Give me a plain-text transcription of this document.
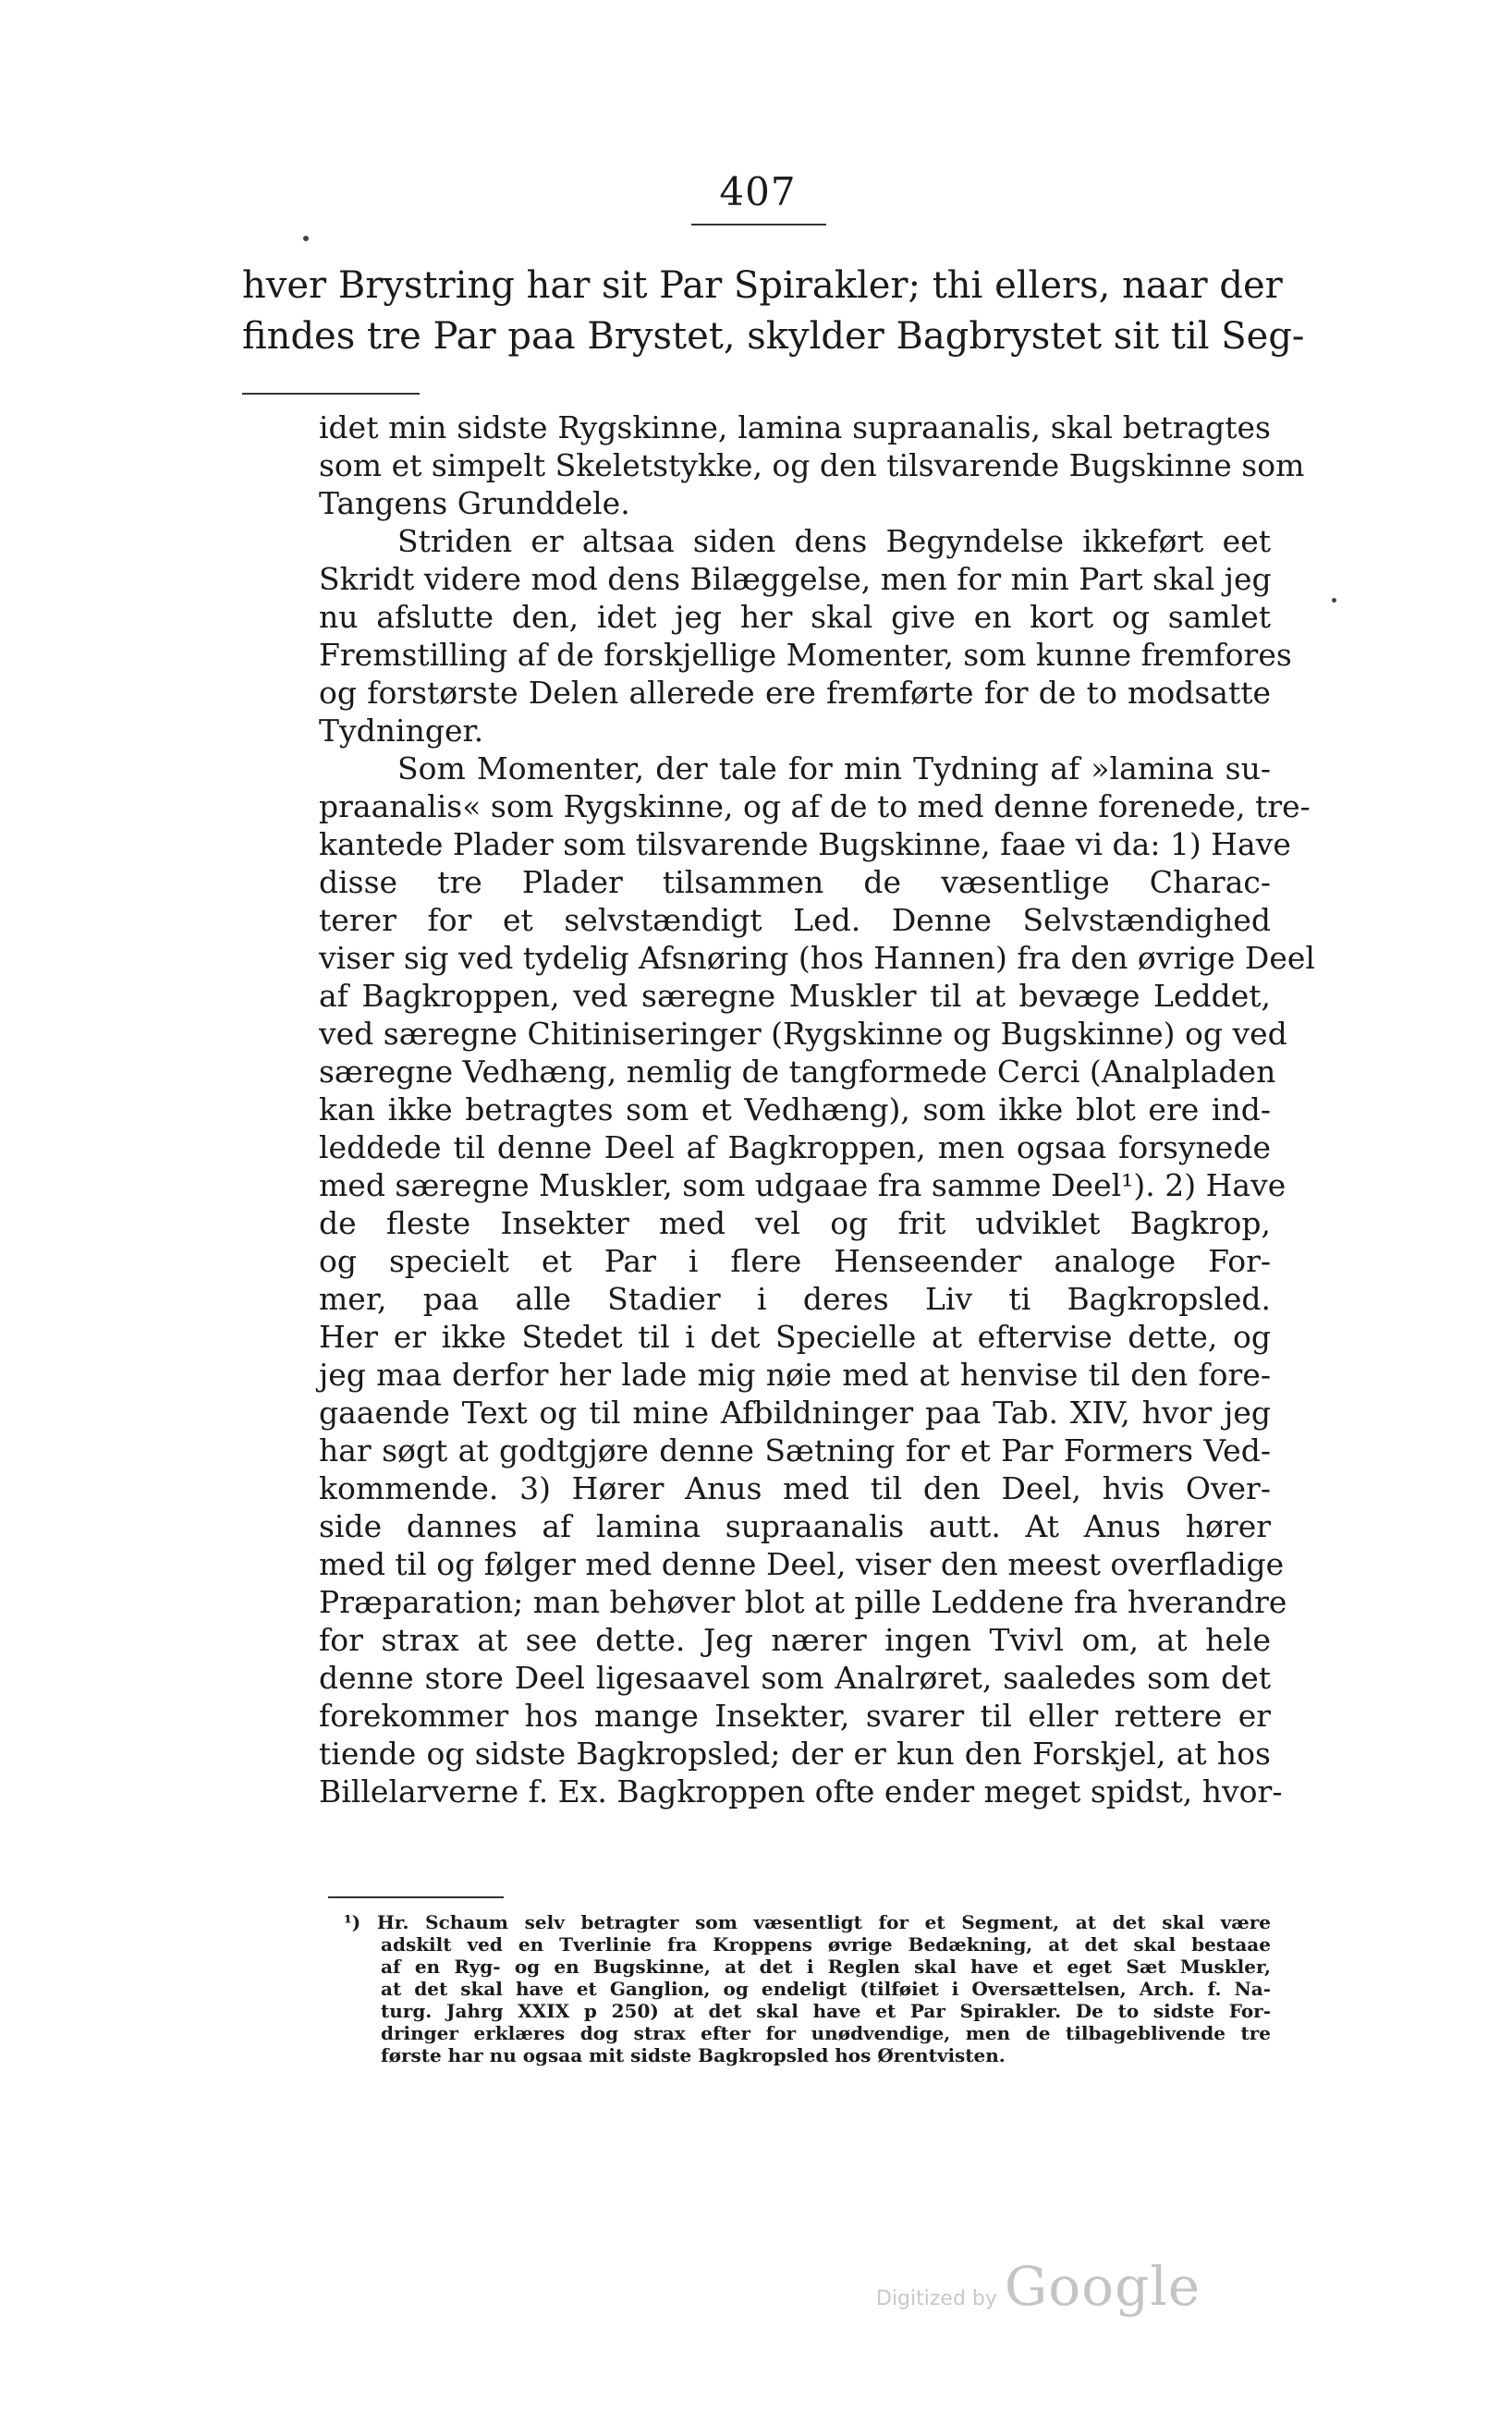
407
hver Brystring har sit Par Spirakler; thi ellers, naar der
findes tre Par paa Brystet, skylder Bagbrystet sit til Seg-
idet min sidste Rygskinne, lamina supraanalis, skal betragtes
som et simpelt Skeletstykke, og den tilsvarende Bugskinne som
Tangens Grunddele.
Striden er altsaa siden dens Begyndelse ikkeført eet
Skridt videre mod dens Bilæggelse, men for min Part skal jeg
nu afslutte den, idet jeg her skal give en kort og samlet
Fremstilling af de forskjellige Momenter, som kunne fremfores
og forstørste Delen allerede ere fremførte for de to modsatte
Tydninger.
Som Momenter, der tale for min Tydning af »lamina su-
praanalis« som Rygskinne, og af de to med denne forenede, tre-
kantede Plader som tilsvarende Bugskinne, faae vi da: 1) Have
disse tre Plader tilsammen de væsentlige Charac-
terer for et selvstændigt Led. Denne Selvstændighed
viser sig ved tydelig Afsnøring (hos Hannen) fra den øvrige Deel
af Bagkroppen, ved særegne Muskler til at bevæge Leddet,
ved særegne Chitiniseringer (Rygskinne og Bugskinne) og ved
særegne Vedhæng, nemlig de tangformede Cerci (Analpladen
kan ikke betragtes som et Vedhæng), som ikke blot ere ind-
leddede til denne Deel af Bagkroppen, men ogsaa forsynede
med særegne Muskler, som udgaae fra samme Deel¹). 2) Have
de fleste Insekter med vel og frit udviklet Bagkrop,
og specielt et Par i flere Henseender analoge For-
mer, paa alle Stadier i deres Liv ti Bagkropsled.
Her er ikke Stedet til i det Specielle at eftervise dette, og
jeg maa derfor her lade mig nøie med at henvise til den fore-
gaaende Text og til mine Afbildninger paa Tab. XIV, hvor jeg
har søgt at godtgjøre denne Sætning for et Par Formers Ved-
kommende. 3) Hører Anus med til den Deel, hvis Over-
side dannes af lamina supraanalis autt. At Anus hører
med til og følger med denne Deel, viser den meest overfladige
Præparation; man behøver blot at pille Leddene fra hverandre
for strax at see dette. Jeg nærer ingen Tvivl om, at hele
denne store Deel ligesaavel som Analrøret, saaledes som det
forekommer hos mange Insekter, svarer til eller rettere er
tiende og sidste Bagkropsled; der er kun den Forskjel, at hos
Billelarverne f. Ex. Bagkroppen ofte ender meget spidst, hvor-
¹) Hr. Schaum selv betragter som væsentligt for et Segment, at det skal være
adskilt ved en Tverlinie fra Kroppens øvrige Bedækning, at det skal bestaae
af en Ryg- og en Bugskinne, at det i Reglen skal have et eget Sæt Muskler,
at det skal have et Ganglion, og endeligt (tilføiet i Oversættelsen, Arch. f. Na-
turg. Jahrg XXIX p 250) at det skal have et Par Spirakler. De to sidste For-
dringer erklæres dog strax efter for unødvendige, men de tilbageblivende tre
første har nu ogsaa mit sidste Bagkropsled hos Ørentvisten.
Digitized by Google
